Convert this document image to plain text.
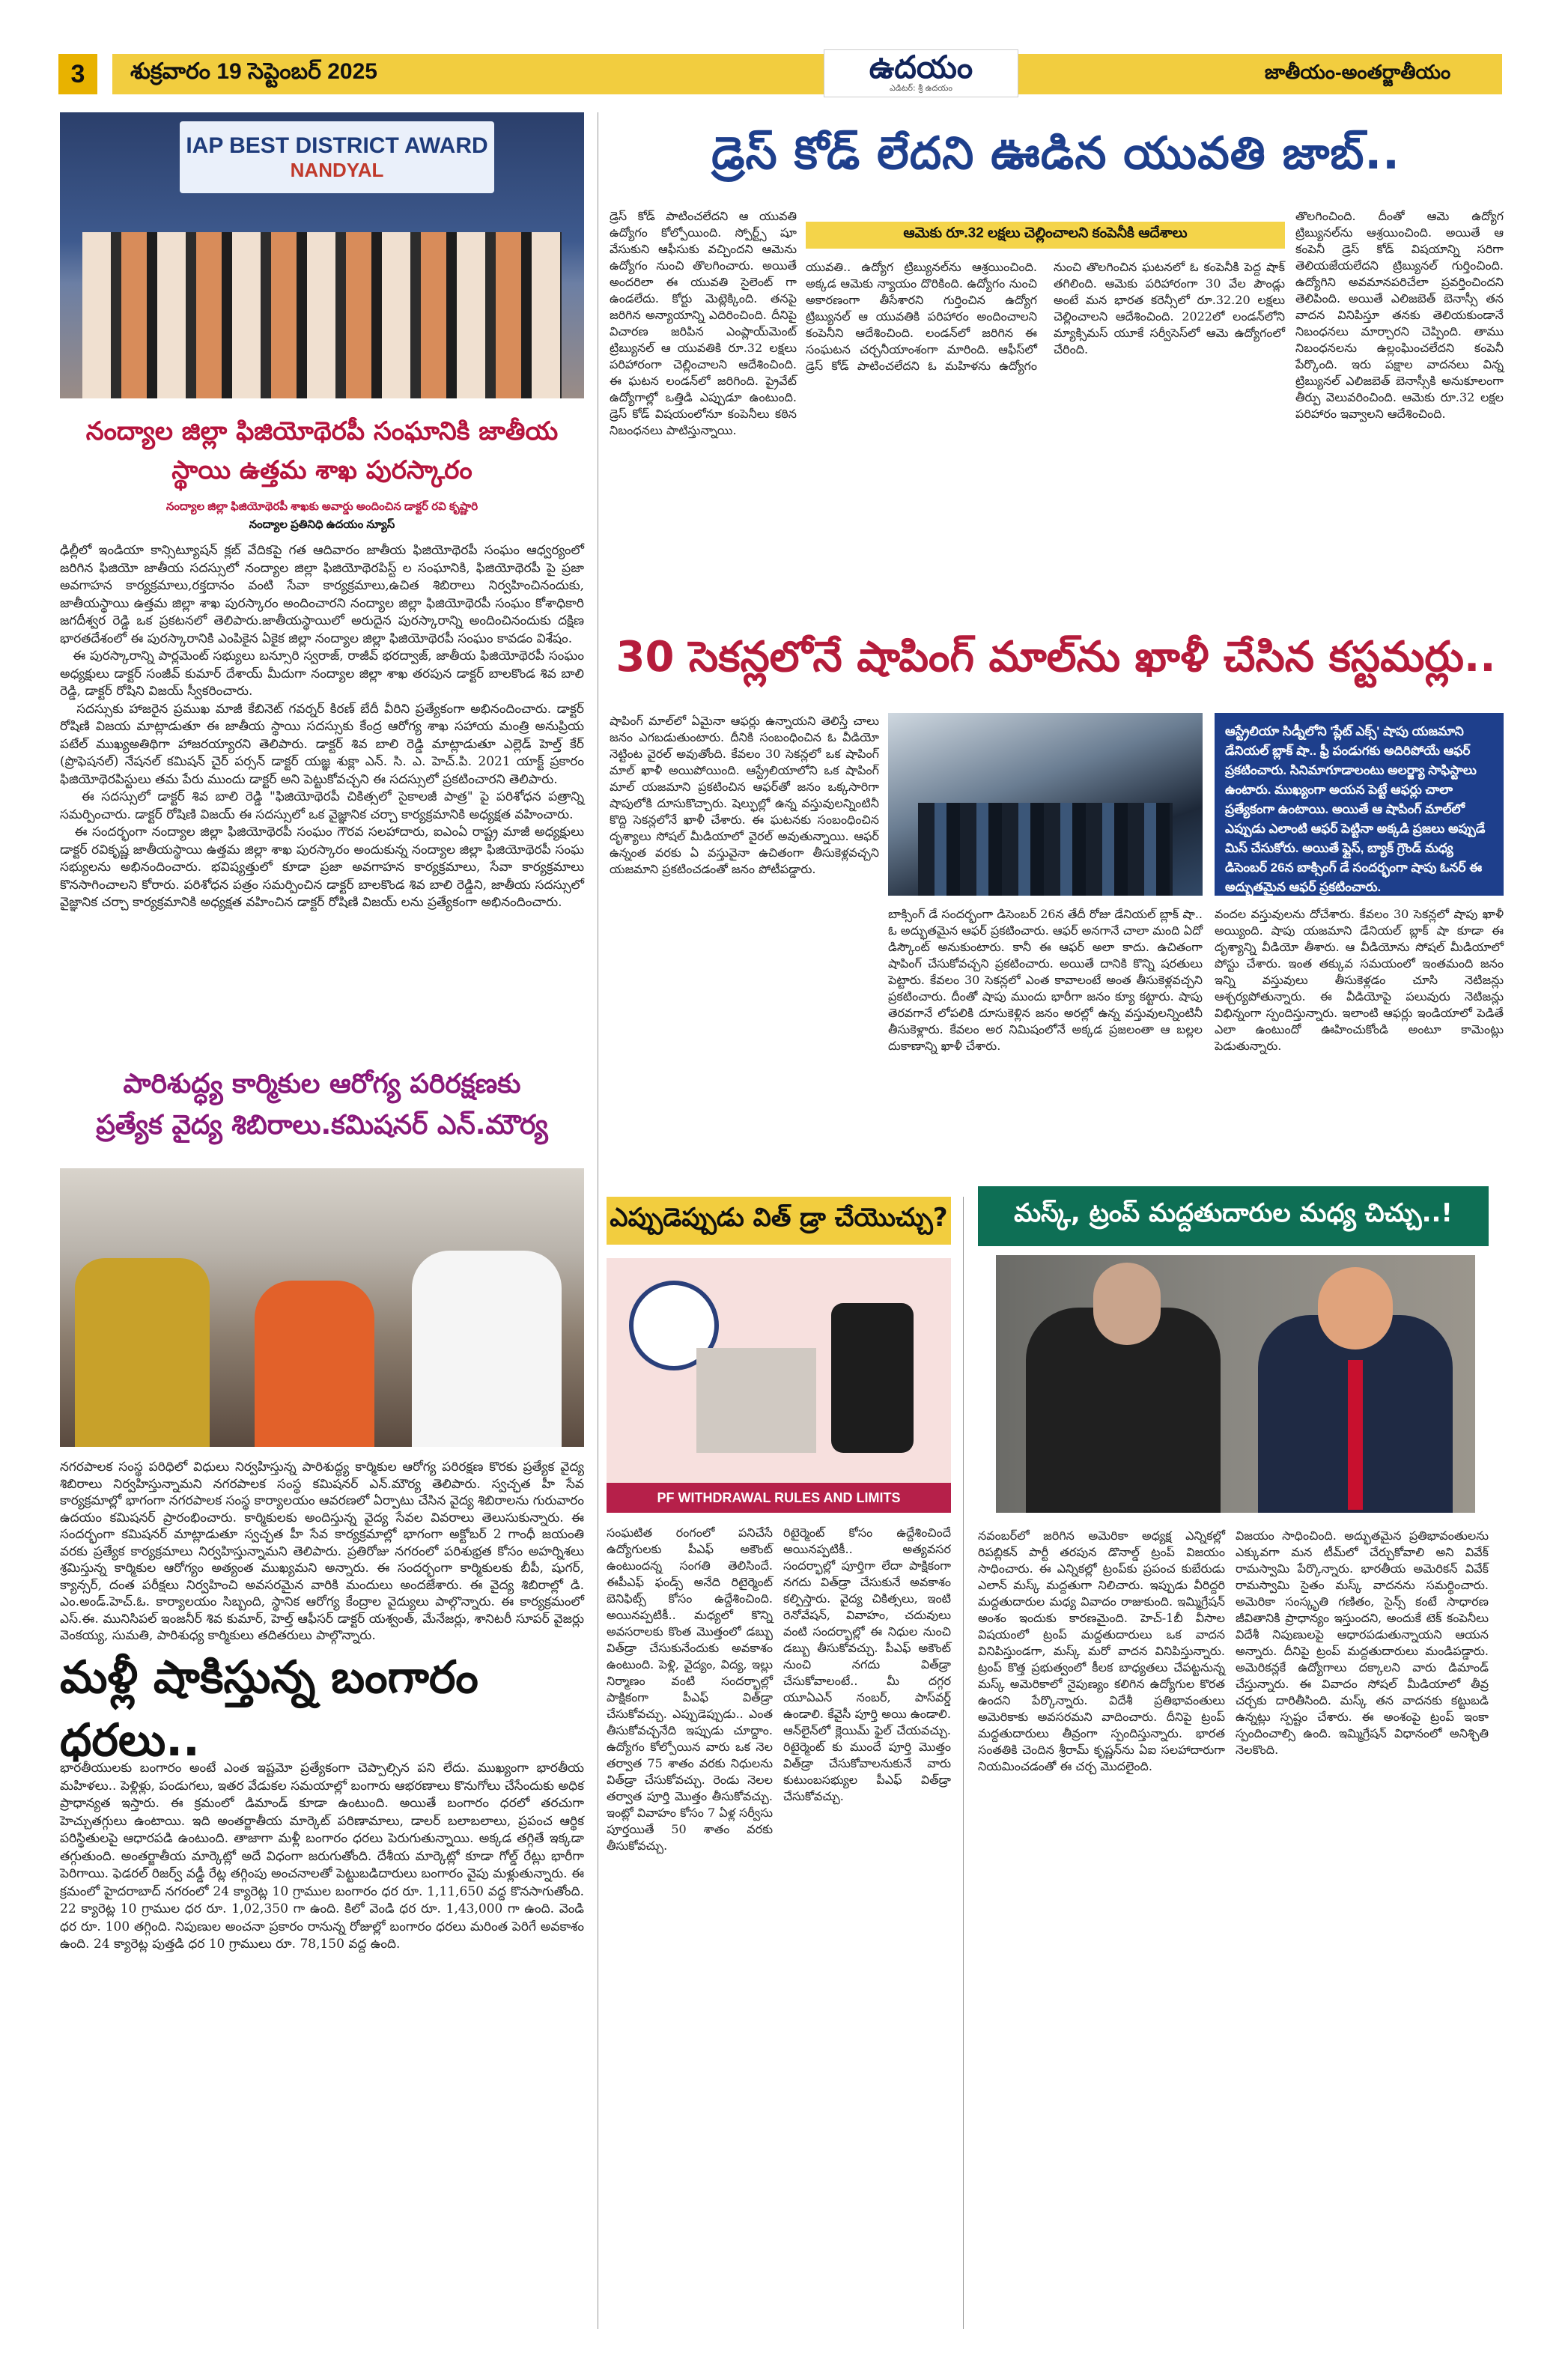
3	శుక్రవారం 19 సెప్టెంబర్ 2025	ఉదయం
ఎడిటర్: శ్రీ ఉదయం
జాతీయం-అంతర్జాతీయం
IAP BEST DISTRICT AWARD
NANDYAL
నంద్యాల జిల్లా ఫిజియోథెరపీ సంఘానికి జాతీయ స్థాయి ఉత్తమ శాఖ పురస్కారం
నంద్యాల జిల్లా ఫిజియోథెరపీ శాఖకు అవార్డు అందించిన డాక్టర్ రవి కృష్ణారి
నంద్యాల ప్రతినిధి ఉదయం న్యూస్
ఢిల్లీలో ఇండియా కాన్సిట్యూషన్ క్లబ్ వేదికపై గత ఆదివారం జాతీయ ఫిజియోథెరపీ సంఘం ఆధ్వర్యంలో జరిగిన ఫిజియో జాతీయ సదస్సులో నంద్యాల జిల్లా ఫిజియోథెరపిస్ట్ ల సంఘానికి, ఫిజియోథెరపీ పై ప్రజా అవగాహన కార్యక్రమాలు,రక్తదానం వంటి సేవా కార్యక్రమాలు,ఉచిత శిబిరాలు నిర్వహించినందుకు, జాతీయస్థాయి ఉత్తమ జిల్లా శాఖ పురస్కారం అందించారని నంద్యాల జిల్లా ఫిజియోథెరపీ సంఘం కోశాధికారి జగదీశ్వర రెడ్డి ఒక ప్రకటనలో తెలిపారు.జాతీయస్థాయిలో అరుదైన పురస్కారాన్ని అందించినందుకు దక్షిణ భారతదేశంలో ఈ పురస్కారానికి ఎంపికైన ఏకైక జిల్లా నంద్యాల జిల్లా ఫిజియోథెరపీ సంఘం కావడం విశేషం.
ఈ పురస్కారాన్ని పార్లమెంట్ సభ్యులు బన్సూరి స్వరాజ్, రాజీవ్ భరద్వాజ్, జాతీయ ఫిజియోథెరపీ సంఘం అధ్యక్షులు డాక్టర్ సంజీవ్ కుమార్ దేశాయ్ మీదుగా నంద్యాల జిల్లా శాఖ తరపున డాక్టర్ బాలకొండ శివ బాలి రెడ్డి, డాక్టర్ రోషిని విజయ్ స్వీకరించారు.
సదస్సుకు హాజరైన ప్రముఖ మాజీ కేబినెట్ గవర్నర్ కిరణ్ బేదీ వీరిని ప్రత్యేకంగా అభినందించారు. డాక్టర్ రోషిణి విజయ మాట్లాడుతూ ఈ జాతీయ స్థాయి సదస్సుకు కేంద్ర ఆరోగ్య శాఖ సహాయ మంత్రి అనుప్రియ పటేల్ ముఖ్యఅతిథిగా హాజరయ్యారని తెలిపారు. డాక్టర్ శివ బాలి రెడ్డి మాట్లాడుతూ ఎల్లెడ్ హెల్త్ కేర్ (ప్రొఫెషనల్) నేషనల్ కమిషన్ చైర్ పర్సన్ డాక్టర్ యజ్ఞ శుక్లా ఎన్. సి. ఎ. హెచ్.పి. 2021 యాక్ట్ ప్రకారం ఫిజియోథెరపిస్టులు తమ పేరు ముందు డాక్టర్ అని పెట్టుకోవచ్చని ఈ సదస్సులో ప్రకటించారని తెలిపారు.
ఈ సదస్సులో డాక్టర్ శివ బాలి రెడ్డి "ఫిజియోథెరపీ చికిత్సలో సైకాలజీ పాత్ర" పై పరిశోధన పత్రాన్ని సమర్పించారు. డాక్టర్ రోషిణి విజయ్ ఈ సదస్సులో ఒక వైజ్ఞానిక చర్చా కార్యక్రమానికి అధ్యక్షత వహించారు.
ఈ సందర్భంగా నంద్యాల జిల్లా ఫిజియోథెరపీ సంఘం గౌరవ సలహాదారు, ఐఎంఏ రాష్ట్ర మాజీ అధ్యక్షులు డాక్టర్ రవికృష్ణ జాతీయస్థాయి ఉత్తమ జిల్లా శాఖ పురస్కారం అందుకున్న నంద్యాల జిల్లా ఫిజియోథెరపీ సంఘ సభ్యులను అభినందించారు. భవిష్యత్తులో కూడా ప్రజా అవగాహన కార్యక్రమాలు, సేవా కార్యక్రమాలు కొనసాగించాలని కోరారు. పరిశోధన పత్రం సమర్పించిన డాక్టర్ బాలకొండ శివ బాలి రెడ్డిని, జాతీయ సదస్సులో వైజ్ఞానిక చర్చా కార్యక్రమానికి అధ్యక్షత వహించిన డాక్టర్ రోషిణి విజయ్ లను ప్రత్యేకంగా అభినందించారు.
పారిశుద్ధ్య కార్మికుల ఆరోగ్య పరిరక్షణకు
ప్రత్యేక వైద్య శిబిరాలు.కమిషనర్ ఎన్.మౌర్య
నగరపాలక సంస్థ పరిధిలో విధులు నిర్వహిస్తున్న పారిశుద్ధ్య కార్మికుల ఆరోగ్య పరిరక్షణ కొరకు ప్రత్యేక వైద్య శిబిరాలు నిర్వహిస్తున్నామని నగరపాలక సంస్థ కమిషనర్ ఎన్.మౌర్య తెలిపారు. స్వచ్ఛత హీ సేవ కార్యక్రమాల్లో భాగంగా నగరపాలక సంస్థ కార్యాలయం ఆవరణలో ఏర్పాటు చేసిన వైద్య శిబిరాలను గురువారం ఉదయం కమిషనర్ ప్రారంభించారు. కార్మికులకు అందిస్తున్న వైద్య సేవల వివరాలు తెలుసుకున్నారు. ఈ సందర్భంగా కమిషనర్ మాట్లాడుతూ స్వచ్ఛత హీ సేవ కార్యక్రమాల్లో భాగంగా అక్టోబర్ 2 గాంధీ జయంతి వరకు ప్రత్యేక కార్యక్రమాలు నిర్వహిస్తున్నామని తెలిపారు. ప్రతిరోజు నగరంలో పరిశుభ్రత కోసం అహర్నిశలు శ్రమిస్తున్న కార్మికుల ఆరోగ్యం అత్యంత ముఖ్యమని అన్నారు. ఈ సందర్భంగా కార్మికులకు బీపీ, షుగర్, క్యాన్సర్, దంత పరీక్షలు నిర్వహించి అవసరమైన వారికి మందులు అందజేశారు. ఈ వైద్య శిబిరాల్లో డి. ఎం.అండ్.హెచ్.ఓ. కార్యాలయం సిబ్బంది, స్థానిక ఆరోగ్య కేంద్రాల వైద్యులు పాల్గొన్నారు. ఈ కార్యక్రమంలో ఎస్.ఈ. మునిసిపల్ ఇంజనీర్ శివ కుమార్, హెల్త్ ఆఫీసర్ డాక్టర్ యశ్వంత్, మేనేజర్లు, శానిటరీ సూపర్ వైజర్లు వెంకయ్య, సుమతి, పారిశుధ్య కార్మికులు తదితరులు పాల్గొన్నారు.
మళ్లీ షాకిస్తున్న బంగారం ధరలు..
భారతీయులకు బంగారం అంటే ఎంత ఇష్టమో ప్రత్యేకంగా చెప్పాల్సిన పని లేదు. ముఖ్యంగా భారతీయ మహిళలు.. పెళ్లిళ్లు, పండుగలు, ఇతర వేడుకల సమయాల్లో బంగారు ఆభరణాలు కొనుగోలు చేసేందుకు అధిక ప్రాధాన్యత ఇస్తారు. ఈ క్రమంలో డిమాండ్ కూడా ఉంటుంది. అయితే బంగారం ధరలో తరచుగా హెచ్చుతగ్గులు ఉంటాయి. ఇది అంతర్జాతీయ మార్కెట్ పరిణామాలు, డాలర్ బలాబలాలు, ప్రపంచ ఆర్థిక పరిస్థితులపై ఆధారపడి ఉంటుంది. తాజాగా మళ్లీ బంగారం ధరలు పెరుగుతున్నాయి. అక్కడ తగ్గితే ఇక్కడా తగ్గుతుంది. అంతర్జాతీయ మార్కెట్లో అదే విధంగా జరుగుతోంది. దేశీయ మార్కెట్లో కూడా గోల్డ్ రేట్లు భారీగా పెరిగాయి. ఫెడరల్ రిజర్వ్ వడ్డీ రేట్ల తగ్గింపు అంచనాలతో పెట్టుబడిదారులు బంగారం వైపు మళ్లుతున్నారు. ఈ క్రమంలో హైదరాబాద్ నగరంలో 24 క్యారెట్ల 10 గ్రాముల బంగారం ధర రూ. 1,11,650 వద్ద కొనసాగుతోంది. 22 క్యారెట్ల 10 గ్రాముల ధర రూ. 1,02,350 గా ఉంది. కిలో వెండి ధర రూ. 1,43,000 గా ఉంది. వెండి ధర రూ. 100 తగ్గింది. నిపుణుల అంచనా ప్రకారం రానున్న రోజుల్లో బంగారం ధరలు మరింత పెరిగే అవకాశం ఉంది. 24 క్యారెట్ల పుత్తడి ధర 10 గ్రాములు రూ. 78,150 వద్ద ఉంది.
డ్రెస్ కోడ్ లేదని ఊడిన యువతి జాబ్..
డ్రెస్ కోడ్ పాటించలేదని ఆ యువతి ఉద్యోగం కోల్పోయింది. స్పోర్ట్స్ షూ వేసుకుని ఆఫీసుకు వచ్చిందని ఆమెను ఉద్యోగం నుంచి తొలగించారు. అయితే అందరిలా ఈ యువతి సైలెంట్ గా ఉండలేదు. కోర్టు మెట్లెక్కింది. తనపై జరిగిన అన్యాయాన్ని ఎదిరించింది. దీనిపై విచారణ జరిపిన ఎంప్లాయ్‌మెంట్ ట్రిబ్యునల్ ఆ యువతికి రూ.32 లక్షలు పరిహారంగా చెల్లించాలని ఆదేశించింది. ఈ ఘటన లండన్‌లో జరిగింది. ప్రైవేట్ ఉద్యోగాల్లో ఒత్తిడి ఎప్పుడూ ఉంటుంది. డ్రెస్ కోడ్ విషయంలోనూ కంపెనీలు కఠిన నిబంధనలు పాటిస్తున్నాయి.
ఆమెకు రూ.32 లక్షలు చెల్లించాలని కంపెనీకి ఆదేశాలు
యువతి.. ఉద్యోగ ట్రిబ్యునల్‌ను ఆశ్రయించింది. అక్కడ ఆమెకు న్యాయం దొరికింది. ఉద్యోగం నుంచి అకారణంగా తీసేశారని గుర్తించిన ఉద్యోగ ట్రిబ్యునల్ ఆ యువతికి పరిహారం అందించాలని కంపెనీని ఆదేశించింది. లండన్‌లో జరిగిన ఈ సంఘటన చర్చనీయాంశంగా మారింది. ఆఫీస్‌లో డ్రెస్ కోడ్ పాటించలేదని ఓ మహిళను ఉద్యోగం నుంచి తొలగించిన ఘటనలో ఓ కంపెనీకి పెద్ద షాక్ తగిలింది. ఆమెకు పరిహారంగా 30 వేల పౌండ్లు అంటే మన భారత కరెన్సీలో రూ.32.20 లక్షలు చెల్లించాలని ఆదేశించింది. 2022లో లండన్‌లోని మ్యాక్సిమస్ యూకే సర్వీసెస్‌లో ఆమె ఉద్యోగంలో చేరింది.
తొలగించింది. దీంతో ఆమె ఉద్యోగ ట్రిబ్యునల్‌ను ఆశ్రయించింది. అయితే ఆ కంపెనీ డ్రెస్ కోడ్ విషయాన్ని సరిగా తెలియజేయలేదని ట్రిబ్యునల్ గుర్తించింది. ఉద్యోగిని అవమానపరిచేలా ప్రవర్తించిందని తెలిపింది. అయితే ఎలిజబెత్ బెనాస్సీ తన వాదన వినిపిస్తూ తనకు తెలియకుండానే నిబంధనలు మార్చారని చెప్పింది. తాము నిబంధనలను ఉల్లంఘించలేదని కంపెనీ పేర్కొంది. ఇరు పక్షాల వాదనలు విన్న ట్రిబ్యునల్ ఎలిజబెత్ బెనాస్సీకి అనుకూలంగా తీర్పు వెలువరించింది. ఆమెకు రూ.32 లక్షల పరిహారం ఇవ్వాలని ఆదేశించింది.
30 సెకన్లలోనే షాపింగ్ మాల్‌ను ఖాళీ చేసిన కస్టమర్లు..
షాపింగ్ మాల్‌లో ఏమైనా ఆఫర్లు ఉన్నాయని తెలిస్తే చాలు జనం ఎగబడుతుంటారు. దీనికి సంబంధించిన ఓ వీడియో నెట్టింట వైరల్ అవుతోంది. కేవలం 30 సెకన్లలో ఒక షాపింగ్ మాల్ ఖాళీ అయిపోయింది. ఆస్ట్రేలియాలోని ఒక షాపింగ్ మాల్ యజమాని ప్రకటించిన ఆఫర్‌తో జనం ఒక్కసారిగా షాపులోకి దూసుకొచ్చారు. షెల్ఫుల్లో ఉన్న వస్తువులన్నింటినీ కొద్ది సెకన్లలోనే ఖాళీ చేశారు. ఈ ఘటనకు సంబంధించిన దృశ్యాలు సోషల్ మీడియాలో వైరల్ అవుతున్నాయి. ఆఫర్ ఉన్నంత వరకు ఏ వస్తువైనా ఉచితంగా తీసుకెళ్లవచ్చని యజమాని ప్రకటించడంతో జనం పోటీపడ్డారు.
ఆస్ట్రేలియా సిడ్నీలోని 'ప్లేట్ ఎక్స్' షాపు యజమాని డేనియల్ బ్లాక్ షా.. ఫ్రీ పండుగకు అదిరిపోయే ఆఫర్ ప్రకటించారు. సినిమాగూడాలంటు అలర్జ్యా సాఫిస్టాలు ఉంటారు. ముఖ్యంగా అయన పెట్టే ఆఫర్లు చాలా ప్రత్యేకంగా ఉంటాయి. అయితే ఆ షాపింగ్ మాల్‌లో ఎప్పుడు ఎలాంటి ఆఫర్ పెట్టినా అక్కడి ప్రజలు అప్పుడే మిస్ చేసుకోరు. అయితే ఫ్లైస్, బ్యాక్ గ్రౌండ్ మధ్య డిసెంబర్ 26న బాక్సింగ్ డే సందర్భంగా షాపు ఓనర్ ఈ అద్భుతమైన ఆఫర్ ప్రకటించారు.
బాక్సింగ్ డే సందర్భంగా డిసెంబర్ 26న తేదీ రోజు డేనియల్ బ్లాక్ షా.. ఓ అద్భుతమైన ఆఫర్ ప్రకటించారు. ఆఫర్ అనగానే చాలా మంది ఏదో డిస్కౌంట్ అనుకుంటారు. కానీ ఈ ఆఫర్ అలా కాదు. ఉచితంగా షాపింగ్ చేసుకోవచ్చని ప్రకటించారు. అయితే దానికి కొన్ని షరతులు పెట్టారు. కేవలం 30 సెకన్లలో ఎంత కావాలంటే అంత తీసుకెళ్లవచ్చని ప్రకటించారు. దీంతో షాపు ముందు భారీగా జనం క్యూ కట్టారు. షాపు తెరవగానే లోపలికి దూసుకెళ్లిన జనం అరల్లో ఉన్న వస్తువులన్నింటినీ తీసుకెళ్లారు. కేవలం అర నిమిషంలోనే అక్కడ ప్రజలంతా ఆ బల్లల దుకాణాన్ని ఖాళీ చేశారు.
వందల వస్తువులను దోచేశారు. కేవలం 30 సెకన్లలో షాపు ఖాళీ అయ్యింది. షాపు యజమాని డేనియల్ బ్లాక్ షా కూడా ఈ దృశ్యాన్ని వీడియో తీశారు. ఆ వీడియోను సోషల్ మీడియాలో పోస్టు చేశారు. ఇంత తక్కువ సమయంలో ఇంతమంది జనం ఇన్ని వస్తువులు తీసుకెళ్లడం చూసి నెటిజన్లు ఆశ్చర్యపోతున్నారు. ఈ వీడియోపై పలువురు నెటిజన్లు విభిన్నంగా స్పందిస్తున్నారు. ఇలాంటి ఆఫర్లు ఇండియాలో పెడితే ఎలా ఉంటుందో ఊహించుకోండి అంటూ కామెంట్లు పెడుతున్నారు.
ఎప్పుడెప్పుడు విత్ డ్రా చేయొచ్చు?
PF WITHDRAWAL RULES AND LIMITS
సంఘటిత రంగంలో పనిచేసే ఉద్యోగులకు పీఎఫ్ అకౌంట్ ఉంటుందన్న సంగతి తెలిసిందే. ఈపీఎఫ్ ఫండ్స్ అనేది రిటైర్మెంట్ బెనిఫిట్స్ కోసం ఉద్దేశించింది. అయినప్పటికీ.. మధ్యలో కొన్ని అవసరాలకు కొంత మొత్తంలో డబ్బు విత్‌డ్రా చేసుకునేందుకు అవకాశం ఉంటుంది. పెళ్లి, వైద్యం, విద్య, ఇల్లు నిర్మాణం వంటి సందర్భాల్లో పాక్షికంగా పీఎఫ్ విత్‌డ్రా చేసుకోవచ్చు. ఎప్పుడెప్పుడు.. ఎంత తీసుకోవచ్చనేది ఇప్పుడు చూద్దాం. ఉద్యోగం కోల్పోయిన వారు ఒక నెల తర్వాత 75 శాతం వరకు నిధులను విత్‌డ్రా చేసుకోవచ్చు. రెండు నెలల తర్వాత పూర్తి మొత్తం తీసుకోవచ్చు. ఇంట్లో వివాహం కోసం 7 ఏళ్ల సర్వీసు పూర్తయితే 50 శాతం వరకు తీసుకోవచ్చు.
రిటైర్మెంట్ కోసం ఉద్దేశించిందే అయినప్పటికీ.. అత్యవసర సందర్భాల్లో పూర్తిగా లేదా పాక్షికంగా నగదు విత్‌డ్రా చేసుకునే అవకాశం కల్పిస్తారు. వైద్య చికిత్సలు, ఇంటి రెనోవేషన్, వివాహం, చదువులు వంటి సందర్భాల్లో ఈ నిధుల నుంచి డబ్బు తీసుకోవచ్చు. పీఎఫ్ అకౌంట్ నుంచి నగదు విత్‌డ్రా చేసుకోవాలంటే.. మీ దగ్గర యూఏఎన్ నంబర్, పాస్‌వర్డ్ ఉండాలి. కేవైసీ పూర్తి అయి ఉండాలి. ఆన్‌లైన్‌లో క్లెయిమ్ ఫైల్ చేయవచ్చు. రిటైర్మెంట్ కు ముందే పూర్తి మొత్తం విత్‌డ్రా చేసుకోవాలనుకునే వారు కుటుంబసభ్యుల పీఎఫ్ విత్‌డ్రా చేసుకోవచ్చు.
మస్క్, ట్రంప్ మద్దతుదారుల మధ్య చిచ్చు..!
నవంబర్‌లో జరిగిన అమెరికా అధ్యక్ష ఎన్నికల్లో రిపబ్లికన్ పార్టీ తరపున డొనాల్డ్ ట్రంప్ విజయం సాధించారు. ఈ ఎన్నికల్లో ట్రంప్‌కు ప్రపంచ కుబేరుడు ఎలాన్ మస్క్ మద్దతుగా నిలిచారు. ఇప్పుడు వీరిద్దరి మద్దతుదారుల మధ్య వివాదం రాజుకుంది. ఇమ్మిగ్రేషన్ అంశం ఇందుకు కారణమైంది. హెచ్-1బీ వీసాల విషయంలో ట్రంప్ మద్దతుదారులు ఒక వాదన వినిపిస్తుండగా, మస్క్ మరో వాదన వినిపిస్తున్నారు. ట్రంప్ కొత్త ప్రభుత్వంలో కీలక బాధ్యతలు చేపట్టనున్న మస్క్ అమెరికాలో నైపుణ్యం కలిగిన ఉద్యోగుల కొరత ఉందని పేర్కొన్నారు. విదేశీ ప్రతిభావంతులు అమెరికాకు అవసరమని వాదించారు. దీనిపై ట్రంప్ మద్దతుదారులు తీవ్రంగా స్పందిస్తున్నారు. భారత సంతతికి చెందిన శ్రీరామ్ కృష్ణన్‌ను ఏఐ సలహాదారుగా నియమించడంతో ఈ చర్చ మొదలైంది.
విజయం సాధించింది. అద్భుతమైన ప్రతిభావంతులను ఎక్కువగా మన టీమ్‌లో చేర్చుకోవాలి అని వివేక్ రామస్వామి పేర్కొన్నారు. భారతీయ అమెరికన్ వివేక్ రామస్వామి సైతం మస్క్ వాదనను సమర్థించారు. అమెరికా సంస్కృతి గణితం, సైన్స్ కంటే సాధారణ జీవితానికి ప్రాధాన్యం ఇస్తుందని, అందుకే టెక్ కంపెనీలు విదేశీ నిపుణులపై ఆధారపడుతున్నాయని ఆయన అన్నారు. దీనిపై ట్రంప్ మద్దతుదారులు మండిపడ్డారు. అమెరికన్లకే ఉద్యోగాలు దక్కాలని వారు డిమాండ్ చేస్తున్నారు. ఈ వివాదం సోషల్ మీడియాలో తీవ్ర చర్చకు దారితీసింది. మస్క్ తన వాదనకు కట్టుబడి ఉన్నట్లు స్పష్టం చేశారు. ఈ అంశంపై ట్రంప్ ఇంకా స్పందించాల్సి ఉంది. ఇమ్మిగ్రేషన్ విధానంలో అనిశ్చితి నెలకొంది.
